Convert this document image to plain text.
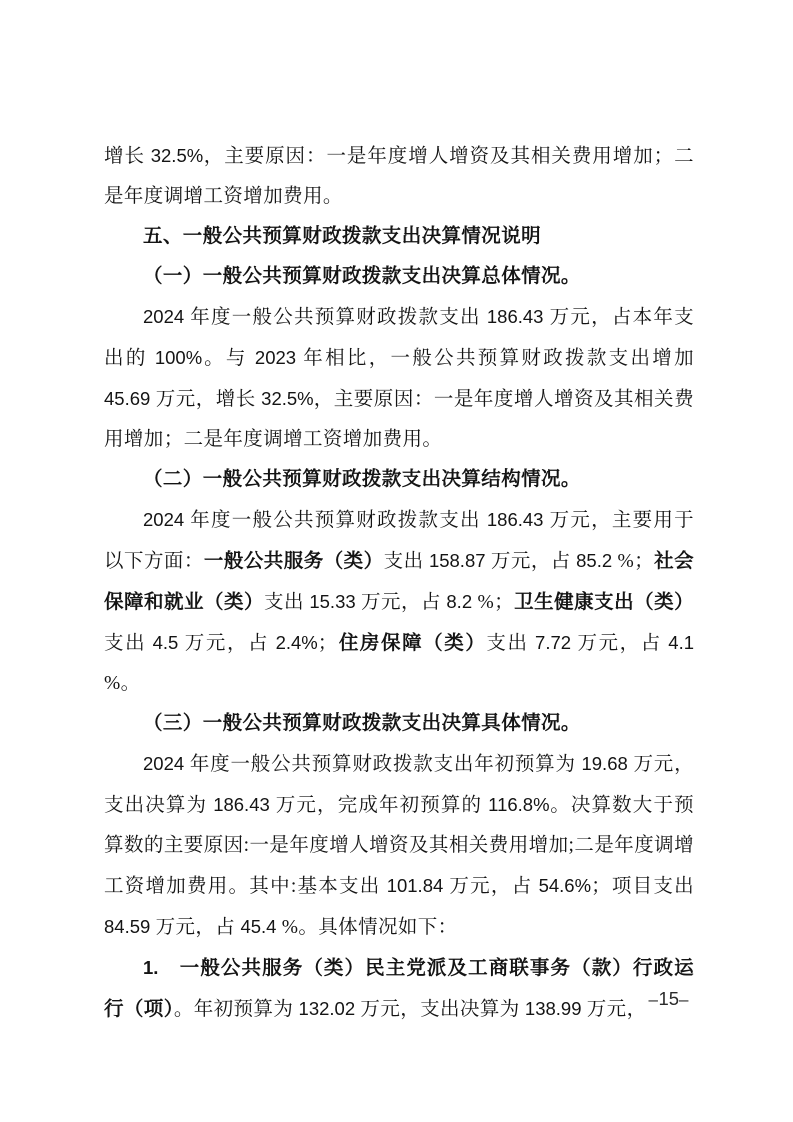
增长 32.5%，主要原因：一是年度增人增资及其相关费用增加；二是年度调增工资增加费用。

五、一般公共预算财政拨款支出决算情况说明

（一）一般公共预算财政拨款支出决算总体情况。

2024 年度一般公共预算财政拨款支出 186.43 万元，占本年支出的 100%。与 2023 年相比，一般公共预算财政拨款支出增加 45.69 万元，增长 32.5%，主要原因：一是年度增人增资及其相关费用增加；二是年度调增工资增加费用。

（二）一般公共预算财政拨款支出决算结构情况。

2024 年度一般公共预算财政拨款支出 186.43 万元，主要用于以下方面：一般公共服务（类）支出 158.87 万元，占 85.2 %；社会保障和就业（类）支出 15.33 万元，占 8.2 %；卫生健康支出（类）支出 4.5 万元，占 2.4%；住房保障（类）支出 7.72 万元，占 4.1 %。

（三）一般公共预算财政拨款支出决算具体情况。

2024 年度一般公共预算财政拨款支出年初预算为 19.68 万元，支出决算为 186.43 万元，完成年初预算的 116.8%。决算数大于预算数的主要原因:一是年度增人增资及其相关费用增加;二是年度调增工资增加费用。其中:基本支出 101.84 万元，占 54.6%；项目支出 84.59 万元，占 45.4 %。具体情况如下：

1.　一般公共服务（类）民主党派及工商联事务（款）行政运行（项）。年初预算为 132.02 万元，支出决算为 138.99 万元， –15–
